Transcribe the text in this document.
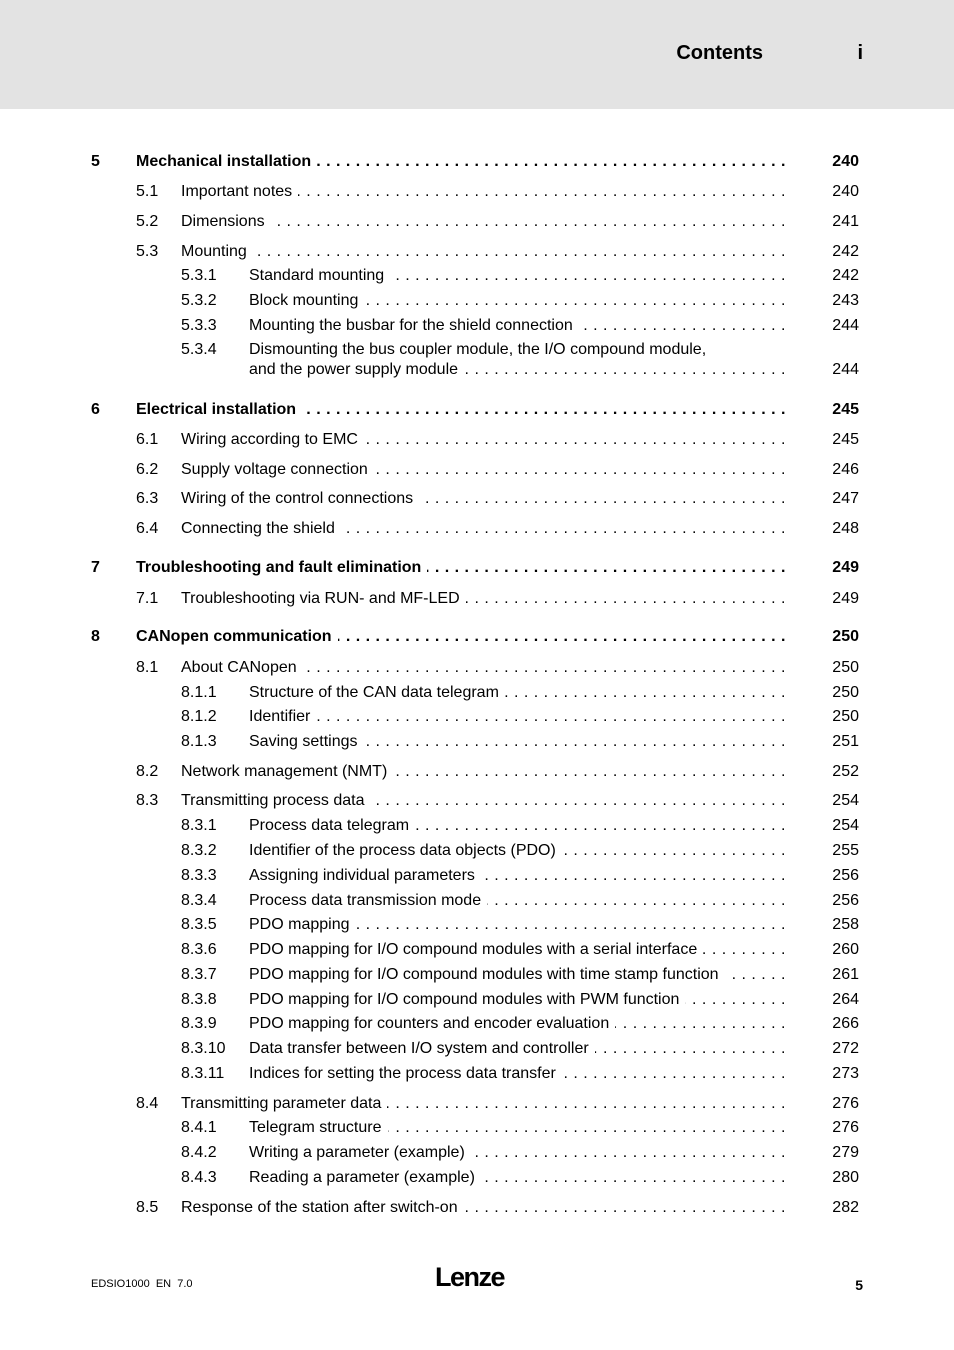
Contents	i
5 Mechanical installation . . .	240
5.1 Important notes . . .	240
5.2 Dimensions . . .	241
5.3 Mounting . . .	242
5.3.1 Standard mounting . . .	242
5.3.2 Block mounting . . .	243
5.3.3 Mounting the busbar for the shield connection . . .	244
5.3.4 Dismounting the bus coupler module, the I/O compound module,
and the power supply module . . .	244
6 Electrical installation . . .	245
6.1 Wiring according to EMC . . .	245
6.2 Supply voltage connection . . .	246
6.3 Wiring of the control connections . . .	247
6.4 Connecting the shield . . .	248
7 Troubleshooting and fault elimination . . .	249
7.1 Troubleshooting via RUN- and MF-LED . . .	249
8 CANopen communication . . .	250
8.1 About CANopen . . .	250
8.1.1 Structure of the CAN data telegram . . .	250
8.1.2 Identifier . . .	250
8.1.3 Saving settings . . .	251
8.2 Network management (NMT) . . .	252
8.3 Transmitting process data . . .	254
8.3.1 Process data telegram . . .	254
8.3.2 Identifier of the process data objects (PDO) . . .	255
8.3.3 Assigning individual parameters . . .	256
8.3.4 Process data transmission mode . . .	256
8.3.5 PDO mapping . . .	258
8.3.6 PDO mapping for I/O compound modules with a serial interface . . .	260
8.3.7 PDO mapping for I/O compound modules with time stamp function . . .	261
8.3.8 PDO mapping for I/O compound modules with PWM function . . .	264
8.3.9 PDO mapping for counters and encoder evaluation . . .	266
8.3.10 Data transfer between I/O system and controller . . .	272
8.3.11 Indices for setting the process data transfer . . .	273
8.4 Transmitting parameter data . . .	276
8.4.1 Telegram structure . . .	276
8.4.2 Writing a parameter (example) . . .	279
8.4.3 Reading a parameter (example) . . .	280
8.5 Response of the station after switch-on . . .	282
EDSIO1000  EN  7.0	Lenze	5
